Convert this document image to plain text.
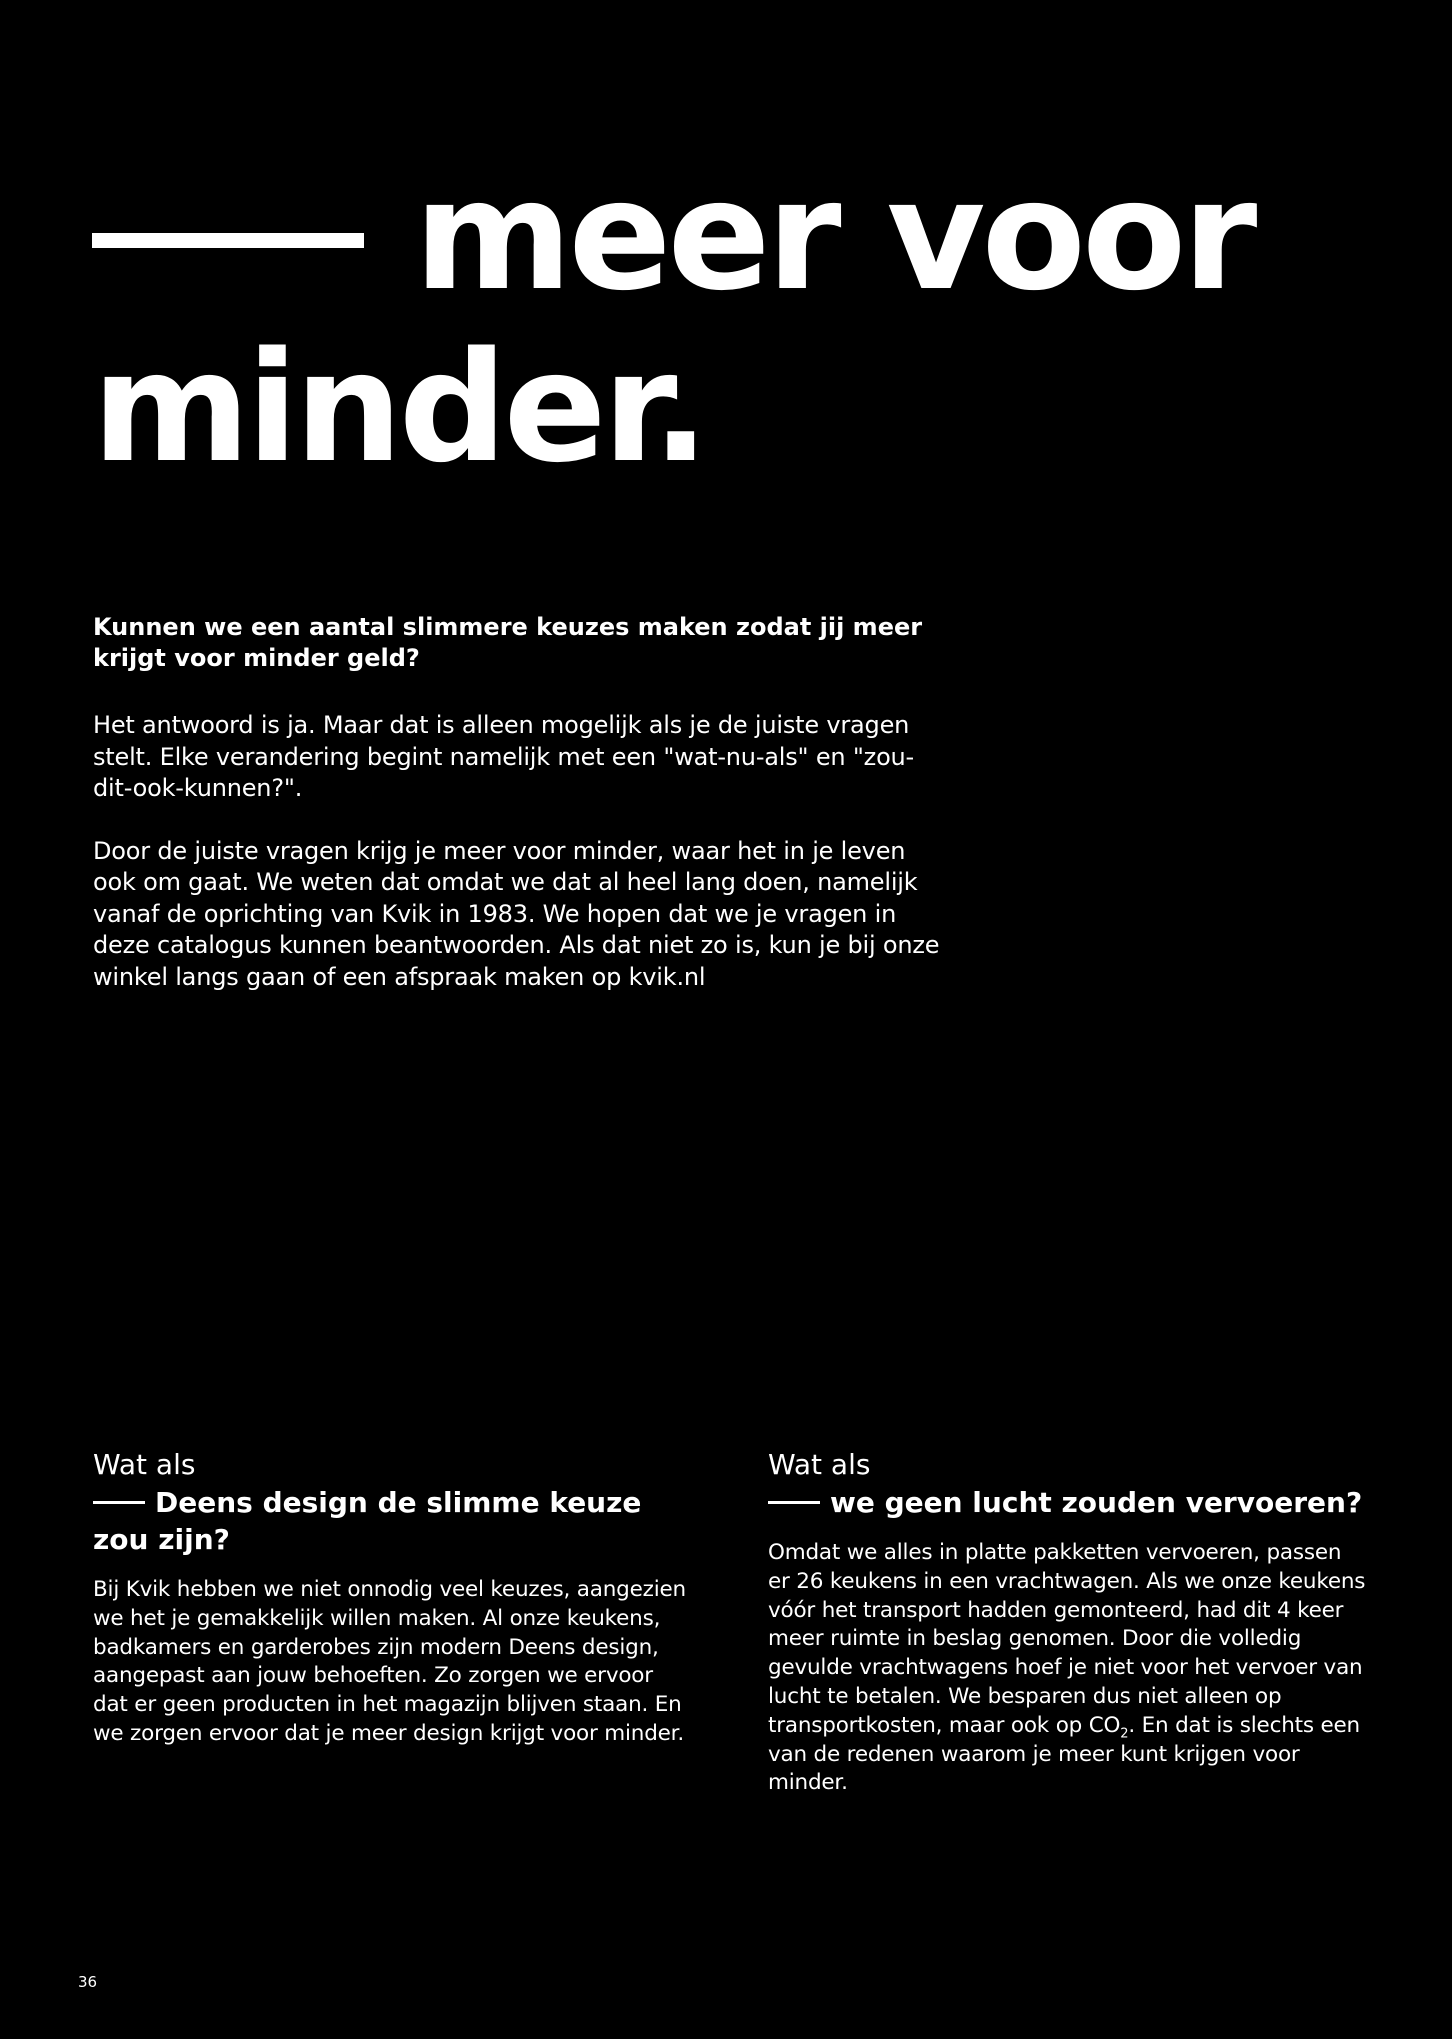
meer voor
minder.

Kunnen we een aantal slimmere keuzes maken zodat jij meer krijgt voor minder geld?

Het antwoord is ja. Maar dat is alleen mogelijk als je de juiste vragen stelt. Elke verandering begint namelijk met een "wat-nu-als" en "zou-dit-ook-kunnen?".

Door de juiste vragen krijg je meer voor minder, waar het in je leven ook om gaat. We weten dat omdat we dat al heel lang doen, namelijk vanaf de oprichting van Kvik in 1983. We hopen dat we je vragen in deze catalogus kunnen beantwoorden. Als dat niet zo is, kun je bij onze winkel langs gaan of een afspraak maken op kvik.nl

Wat als

Deens design de slimme keuze zou zijn?

Bij Kvik hebben we niet onnodig veel keuzes, aangezien we het je gemakkelijk willen maken. Al onze keukens, badkamers en garderobes zijn modern Deens design, aangepast aan jouw behoeften. Zo zorgen we ervoor dat er geen producten in het magazijn blijven staan. En we zorgen ervoor dat je meer design krijgt voor minder.

Wat als

we geen lucht zouden vervoeren?

Omdat we alles in platte pakketten vervoeren, passen er 26 keukens in een vrachtwagen. Als we onze keukens vóór het transport hadden gemonteerd, had dit 4 keer meer ruimte in beslag genomen. Door die volledig gevulde vrachtwagens hoef je niet voor het vervoer van lucht te betalen. We besparen dus niet alleen op transportkosten, maar ook op $CO_2$. En dat is slechts een van de redenen waarom je meer kunt krijgen voor minder.

36
